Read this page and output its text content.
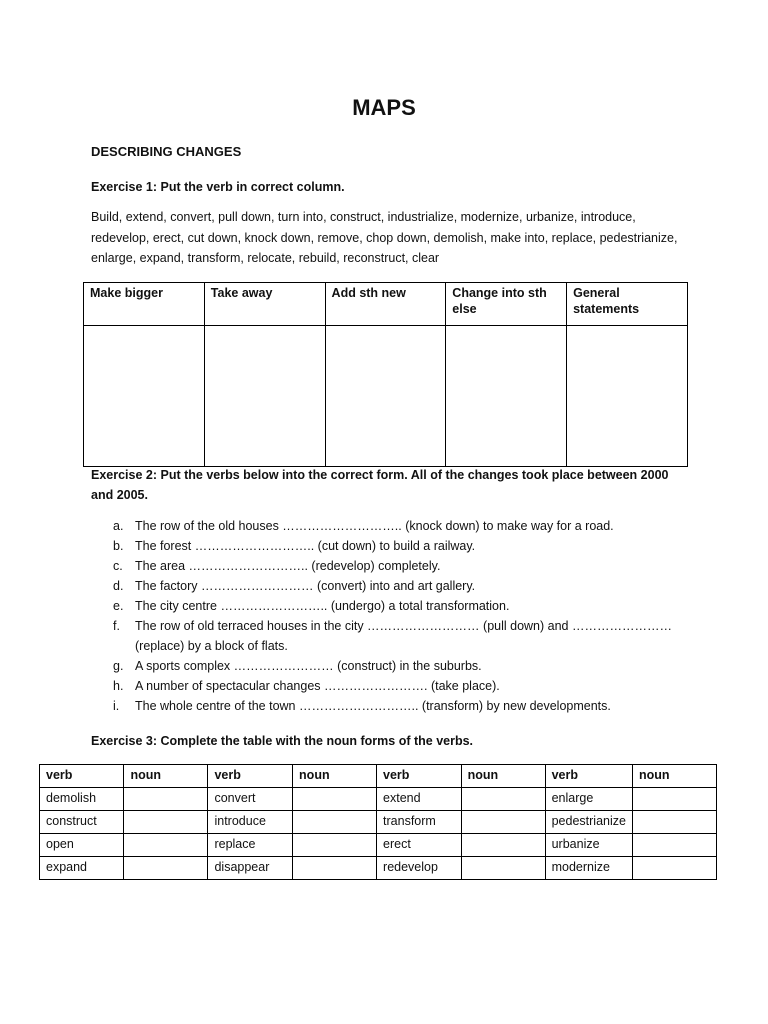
MAPS

DESCRIBING CHANGES

Exercise 1: Put the verb in correct column.

Build, extend, convert, pull down, turn into, construct, industrialize, modernize, urbanize, introduce, redevelop, erect, cut down, knock down, remove, chop down, demolish, make into, replace, pedestrianize, enlarge, expand, transform, relocate, rebuild, reconstruct, clear

Make bigger	Take away	Add sth new	Change into sth else	General statements

Exercise 2: Put the verbs below into the correct form. All of the changes took place between 2000 and 2005.

a. The row of the old houses ……………………….. (knock down) to make way for a road.
b. The forest ……………………….. (cut down) to build a railway.
c. The area ……………………….. (redevelop) completely.
d. The factory ……………………… (convert) into and art gallery.
e. The city centre …………………….. (undergo) a total transformation.
f. The row of old terraced houses in the city ……………………… (pull down) and …………………… (replace) by a block of flats.
g. A sports complex …………………… (construct) in the suburbs.
h. A number of spectacular changes ……………………. (take place).
i. The whole centre of the town ……………………….. (transform) by new developments.

Exercise 3: Complete the table with the noun forms of the verbs.

verb	noun	verb	noun	verb	noun	verb	noun
demolish		convert		extend		enlarge	
construct		introduce		transform		pedestrianize	
open		replace		erect		urbanize	
expand		disappear		redevelop		modernize	
